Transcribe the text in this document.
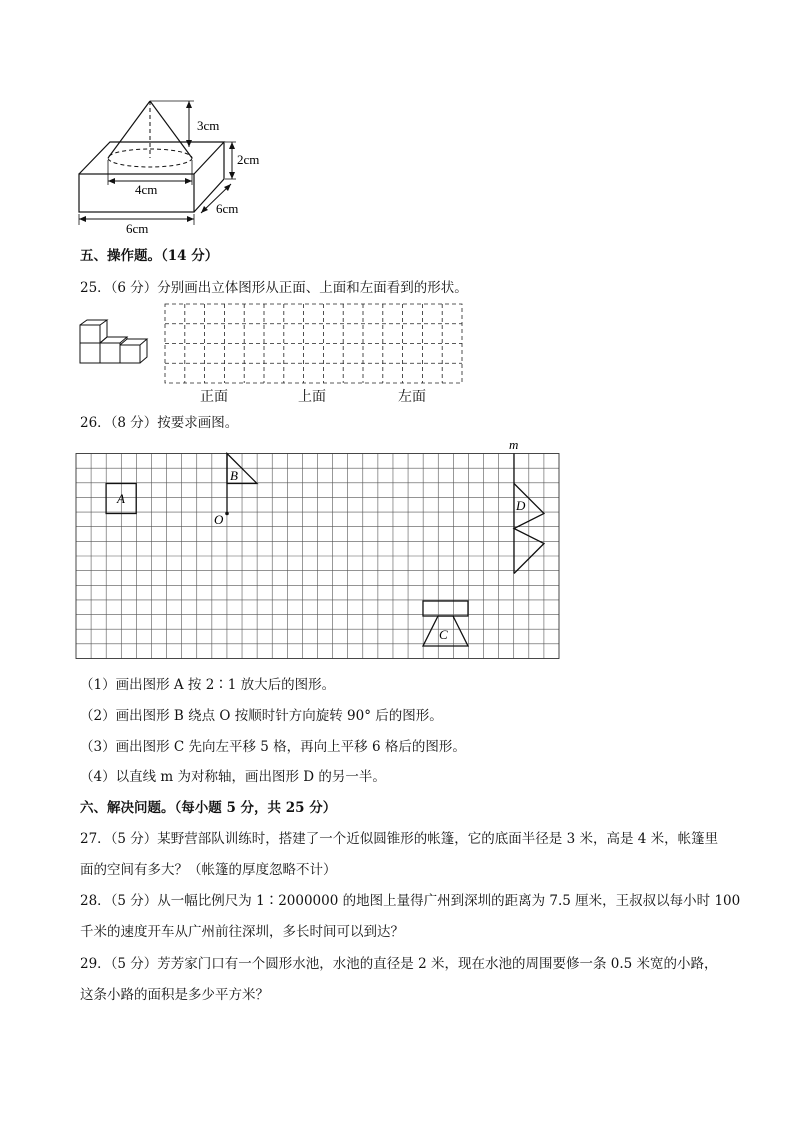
3cm
2cm
4cm
6cm
6cm
五、操作题。（14 分）
25．（6 分）分别画出立体图形从正面、上面和左面看到的形状。
正面	上面	左面
26．（8 分）按要求画图。
A
B
O
C
m
D
（1）画出图形 A 按 2∶1 放大后的图形。
（2）画出图形 B 绕点 O 按顺时针方向旋转 90° 后的图形。
（3）画出图形 C 先向左平移 5 格，再向上平移 6 格后的图形。
（4）以直线 m 为对称轴，画出图形 D 的另一半。
六、解决问题。（每小题 5 分，共 25 分）
27．（5 分）某野营部队训练时，搭建了一个近似圆锥形的帐篷，它的底面半径是 3 米，高是 4 米，帐篷里
面的空间有多大？（帐篷的厚度忽略不计）
28．（5 分）从一幅比例尺为 1∶2000000 的地图上量得广州到深圳的距离为 7.5 厘米，王叔叔以每小时 100
千米的速度开车从广州前往深圳，多长时间可以到达？
29．（5 分）芳芳家门口有一个圆形水池，水池的直径是 2 米，现在水池的周围要修一条 0.5 米宽的小路，
这条小路的面积是多少平方米？
